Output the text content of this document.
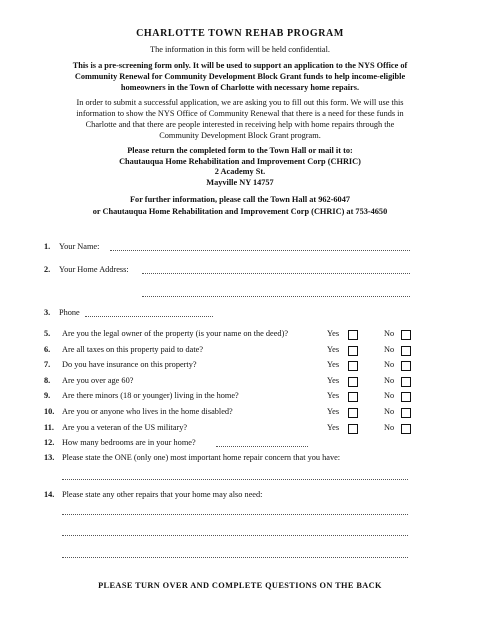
CHARLOTTE TOWN REHAB PROGRAM
The information in this form will be held confidential.
This is a pre-screening form only. It will be used to support an application to the NYS Office of
Community Renewal for Community Development Block Grant funds to help income-eligible
homeowners in the Town of Charlotte with necessary home repairs.
In order to submit a successful application, we are asking you to fill out this form. We will use this
information to show the NYS Office of Community Renewal that there is a need for these funds in
Charlotte and that there are people interested in receiving help with home repairs through the
Community Development Block Grant program.
Please return the completed form to the Town Hall or mail it to:
Chautauqua Home Rehabilitation and Improvement Corp (CHRIC)
2 Academy St.
Mayville NY 14757
For further information, please call the Town Hall at 962-6047
or Chautauqua Home Rehabilitation and Improvement Corp (CHRIC) at 753-4650
1. Your Name:
2. Your Home Address:
3. Phone
5. Are you the legal owner of the property (is your name on the deed)?	Yes	No
6. Are all taxes on this property paid to date?	Yes	No
7. Do you have insurance on this property?	Yes	No
8. Are you over age 60?	Yes	No
9. Are there minors (18 or younger) living in the home?	Yes	No
10. Are you or anyone who lives in the home disabled?	Yes	No
11. Are you a veteran of the US military?	Yes	No
12. How many bedrooms are in your home?
13. Please state the ONE (only one) most important home repair concern that you have:
14. Please state any other repairs that your home may also need:
PLEASE TURN OVER AND COMPLETE QUESTIONS ON THE BACK
